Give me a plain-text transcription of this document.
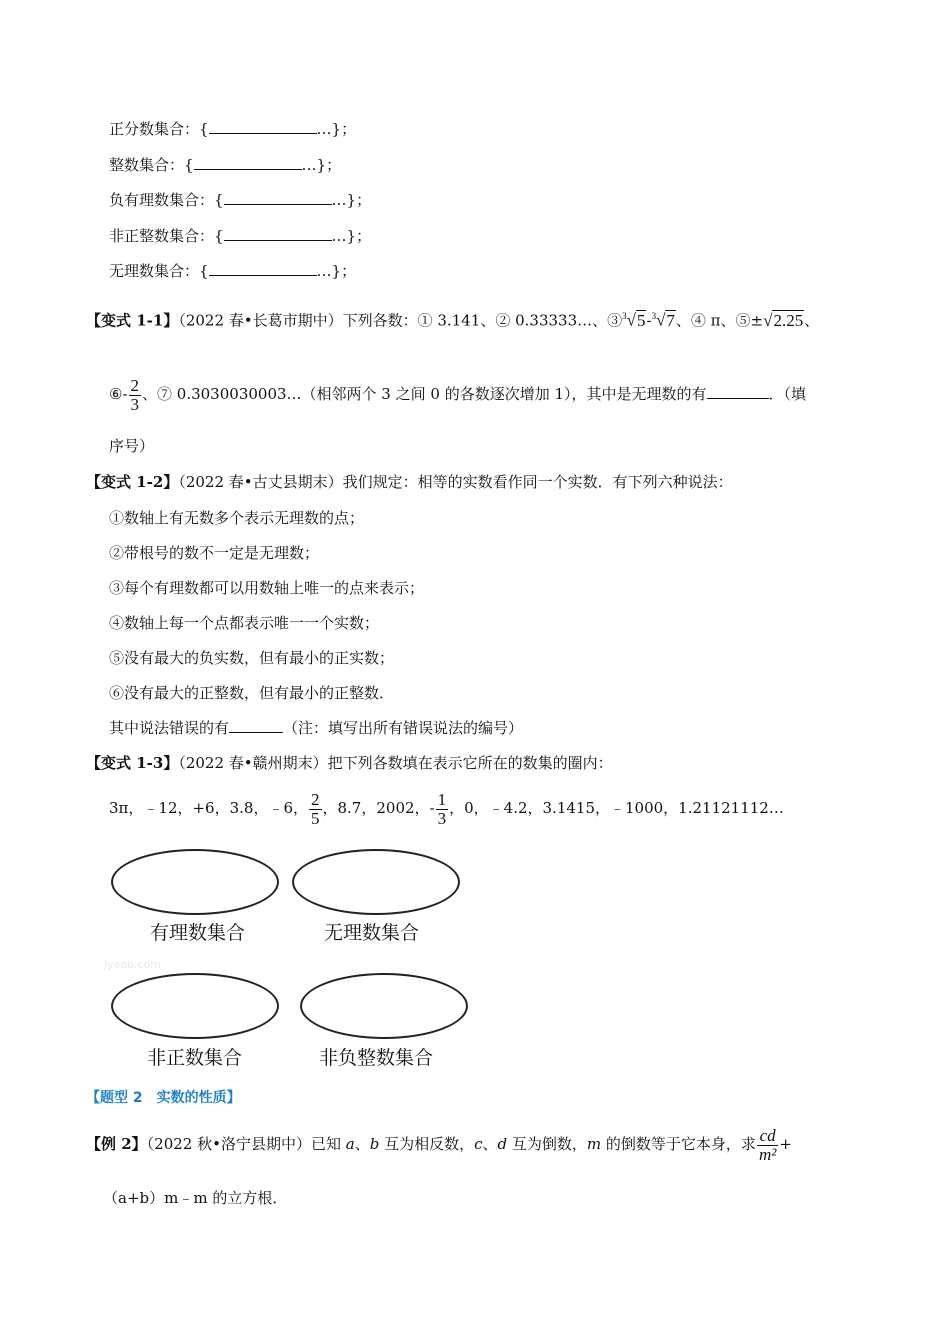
正分数集合：{	…}；
整数集合：{	…}；
负有理数集合：{	…}；
非正整数集合：{	…}；
无理数集合：{	…}；
【变式 1-1】（2022 春•长葛市期中）下列各数：① 3.141、② 0.33333…、③$^3$√5-$^3$√7、④ π、⑤±√2.25、
⑥- $\frac{2}{3}$ 、⑦ 0.3030030003…（相邻两个 3 之间 0 的各数逐次增加 1），其中是无理数的有	．（填
序号）
【变式 1-2】（2022 春•古丈县期末）我们规定：相等的实数看作同一个实数．有下列六种说法：
①数轴上有无数多个表示无理数的点；
②带根号的数不一定是无理数；
③每个有理数都可以用数轴上唯一的点来表示；
④数轴上每一个点都表示唯一一个实数；
⑤没有最大的负实数，但有最小的正实数；
⑥没有最大的正整数，但有最小的正整数．
其中说法错误的有	（注：填写出所有错误说法的编号）
【变式 1-3】（2022 春•赣州期末）把下列各数填在表示它所在的数集的圈内：
3π，﹣12，+6，3.8，﹣6， $\frac{2}{5}$ ，8.7，2002，- $\frac{1}{3}$ ，0，﹣4.2，3.1415，﹣1000，1.21121112…
有理数集合	无理数集合
Jyeoo.com
非正数集合	非负整数集合
【题型 2　实数的性质】
【例 2】（2022 秋•洛宁县期中）已知 a、b 互为相反数，c、d 互为倒数，m 的倒数等于它本身，求 $\frac{cd}{\text{m²}}$ +
（a+b）m﹣m 的立方根．
